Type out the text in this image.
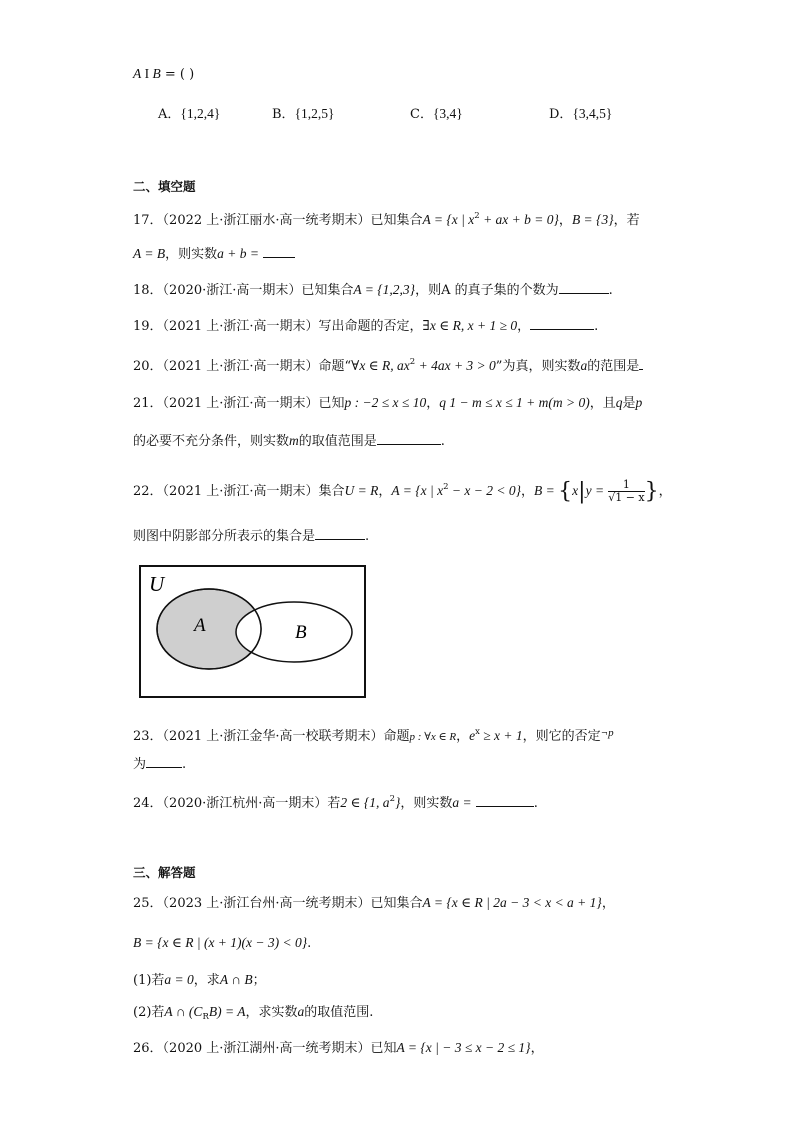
A I B = ( )
A．{1,2,4}	B．{1,2,5}	C．{3,4}	D．{3,4,5}
二、填空题
17．（2022 上·浙江丽水·高一统考期末）已知集合A = {x | $x^2$ + ax + b = 0}，B = {3}，若
A = B，则实数a + b =
18．（2020·浙江·高一期末）已知集合A = {1,2,3}，则A 的真子集的个数为	.
19．（2021 上·浙江·高一期末）写出命题的否定，∃x ∈ R, x + 1 ≥ 0，	.
20．（2021 上·浙江·高一期末）命题“∀x ∈ R, $ax^2 + 4ax + 3 > 0$”为真，则实数a的范围是
21．（2021 上·浙江·高一期末）已知p : −2 ≤ x ≤ 10，q 1 − m ≤ x ≤ 1 + m(m > 0)，且q是p
的必要不充分条件，则实数m的取值范围是	.
22．（2021 上·浙江·高一期末）集合U = R，A = {x | $x^2 - x - 2 < 0$}，$B = \{x|y = \frac{1}{√1 - x}$ }，
则图中阴影部分所表示的集合是	.
U
A	B
23．（2021 上·浙江金华·高一校联考期末）命题p : ∀x ∈ R，$e^x \ge x + 1$，则它的否定$^{\neg p}$
为	.
24．（2020·浙江杭州·高一期末）若2 ∈ {1, $a^2$}，则实数a =	.
三、解答题
25．（2023 上·浙江台州·高一统考期末）已知集合A = {x ∈ R | 2a − 3 < x < a + 1}，
B = {x ∈ R | (x + 1)(x − 3) < 0}.
(1)若a = 0，求A ∩ B；
(2)若A ∩ $(C_RB) = A$，求实数a的取值范围.
26．（2020 上·浙江湖州·高一统考期末）已知A = {x | − 3 ≤ x − 2 ≤ 1}，
